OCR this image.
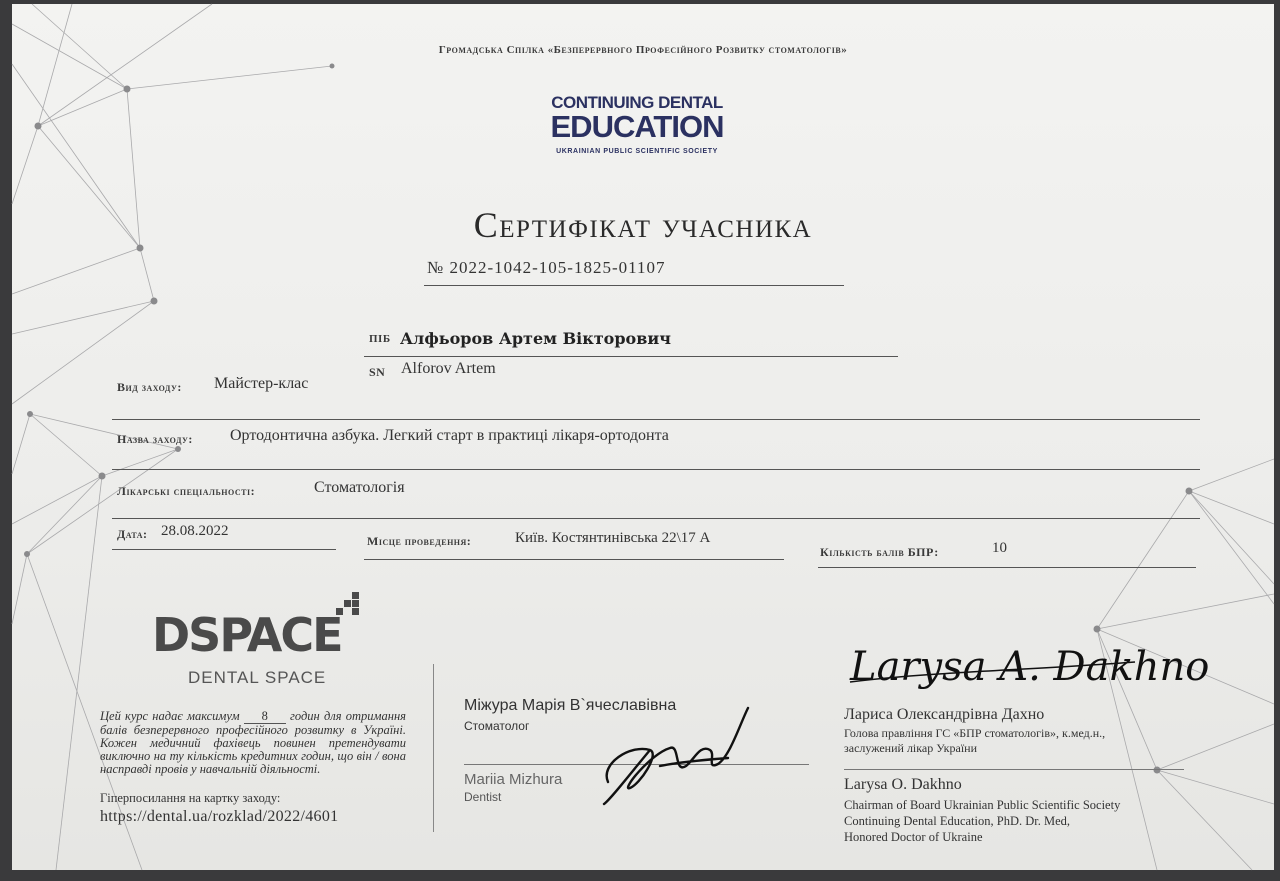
Громадська Спілка «Безперервного Професійного Розвитку стоматологів»
CONTINUING DENTAL
EDUCATION
UKRAINIAN PUBLIC SCIENTIFIC SOCIETY
Сертифікат учасника
№ 2022-1042-105-1825-01107
ПІБ Алфьоров Артем Вікторович
SN Alforov Artem
Вид заходу: Майстер-клас
Назва заходу: Ортодонтична азбука. Легкий старт в практиці лікаря-ортодонта
Лікарські спеціальності:	Стоматологія
Дата: 28.08.2022
Місце проведення:	Київ. Костянтинівська 22\17 А
Кількість балів БПР:	10
DSPACE
DENTAL SPACE
Цей курс надає максимум 8 годин для отримання балів безперервного професійного розвитку в Україні. Кожен медичний фахівець повинен претендувати виключно на ту кількість кредитних годин, що він / вона насправді провів у навчальній діяльності.
Гіперпосилання на картку заходу:
https://dental.ua/rozklad/2022/4601
Міжура Марія В`ячеславівна
Стоматолог
Mariia Mizhura
Dentist
Larysa A. Dakhno
Лариса Олександрівна Дахно
Голова правління ГС «БПР стоматологів», к.мед.н., заслужений лікар України
Larysa O. Dakhno
Chairman of Board Ukrainian Public Scientific Society
Continuing Dental Education, PhD. Dr. Med,
Honored Doctor of Ukraine
